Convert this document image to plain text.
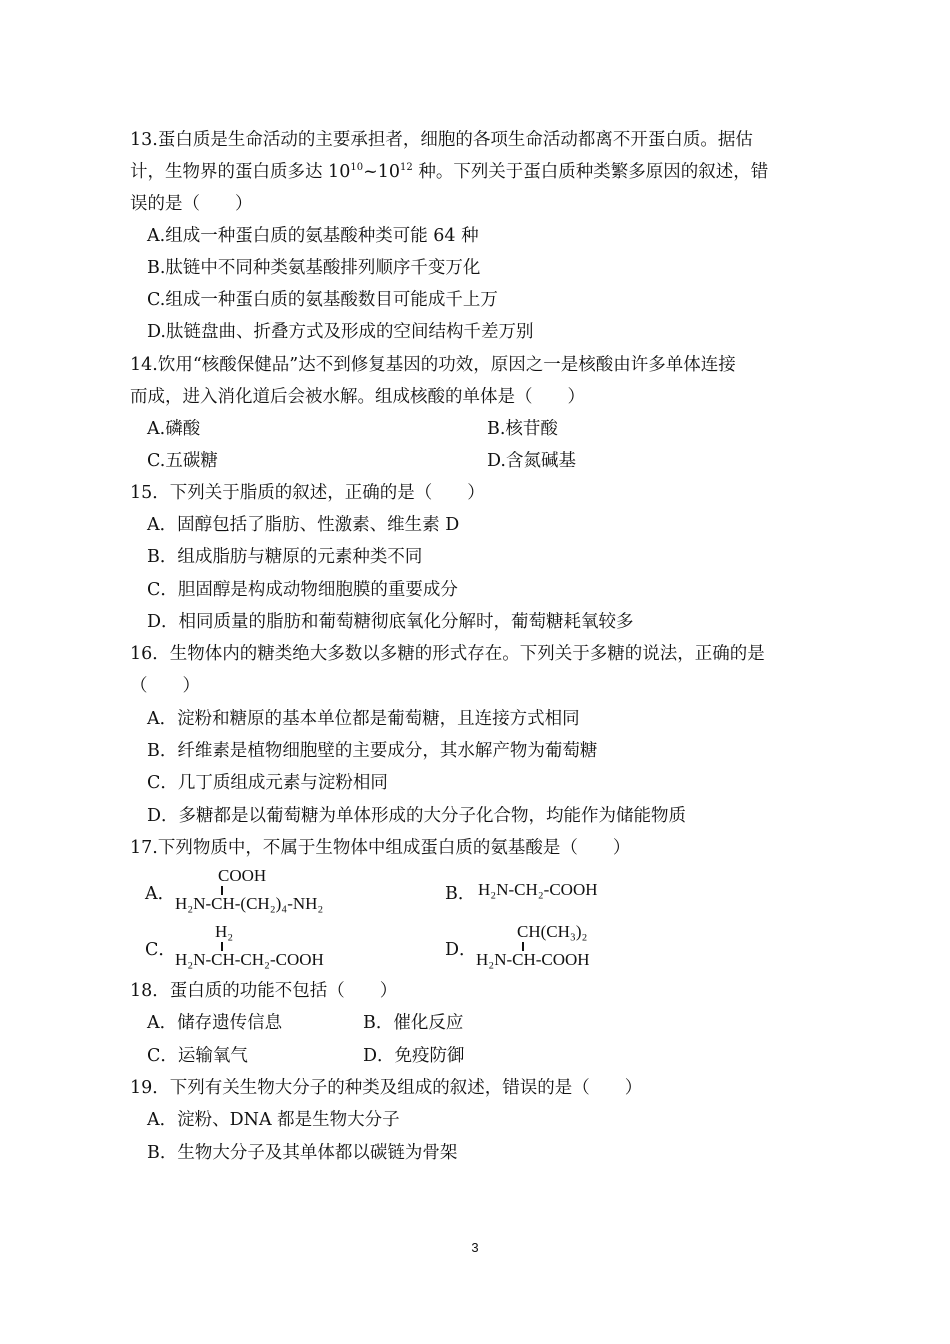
13.蛋白质是生命活动的主要承担者，细胞的各项生命活动都离不开蛋白质。据估
计，生物界的蛋白质多达 $10^{10}\sim 10^{12}$ 种。下列关于蛋白质种类繁多原因的叙述，错
误的是（　　）
A.组成一种蛋白质的氨基酸种类可能 64 种
B.肽链中不同种类氨基酸排列顺序千变万化
C.组成一种蛋白质的氨基酸数目可能成千上万
D.肽链盘曲、折叠方式及形成的空间结构千差万别
14.饮用“核酸保健品”达不到修复基因的功效，原因之一是核酸由许多单体连接
而成，进入消化道后会被水解。组成核酸的单体是（　　）
A.磷酸	B.核苷酸
C.五碳糖	D.含氮碱基
15．下列关于脂质的叙述，正确的是（　　）
A．固醇包括了脂肪、性激素、维生素 D
B．组成脂肪与糖原的元素种类不同
C．胆固醇是构成动物细胞膜的重要成分
D．相同质量的脂肪和葡萄糖彻底氧化分解时，葡萄糖耗氧较多
16．生物体内的糖类绝大多数以多糖的形式存在。下列关于多糖的说法，正确的是
（　　）
A．淀粉和糖原的基本单位都是葡萄糖，且连接方式相同
B．纤维素是植物细胞壁的主要成分，其水解产物为葡萄糖
C．几丁质组成元素与淀粉相同
D．多糖都是以葡萄糖为单体形成的大分子化合物，均能作为储能物质
17.下列物质中，不属于生物体中组成蛋白质的氨基酸是（　　）
A．
COOH
H₂N-CH-(CH₂)₄-NH₂	B． H₂N-CH₂-COOH
C．
H₂
H₂N-CH-CH₂-COOH	D．
CH(CH₃)₂
H₂N-CH-COOH
18．蛋白质的功能不包括（　　）
A．储存遗传信息	B．催化反应
C．运输氧气	D．免疫防御
19．下列有关生物大分子的种类及组成的叙述，错误的是（　　）
A．淀粉、DNA 都是生物大分子
B．生物大分子及其单体都以碳链为骨架
3
